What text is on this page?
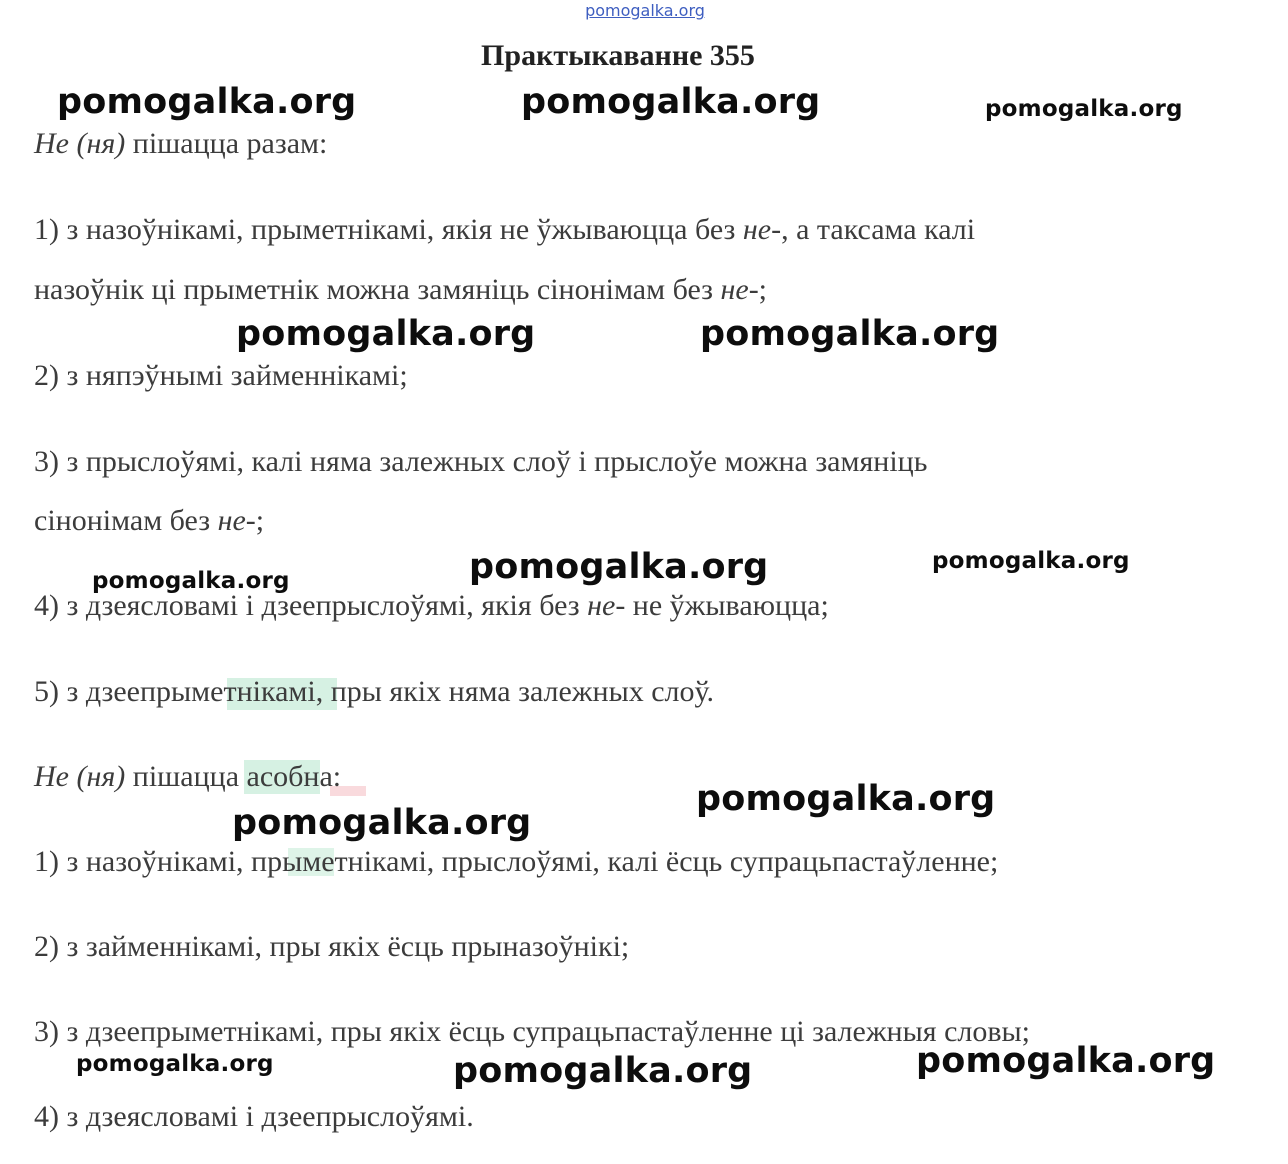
pomogalka.org
Практыкаванне 355
Не (ня) пішацца разам:
1) з назоўнікамі, прыметнікамі, якія не ўжываюцца без не-, а таксама калі
назоўнік ці прыметнік можна замяніць сінонімам без не-;
2) з няпэўнымі займеннікамі;
3) з прыслоўямі, калі няма залежных слоў і прыслоўе можна замяніць
сінонімам без не-;
4) з дзеясловамі і дзеепрыслоўямі, якія без не- не ўжываюцца;
5) з дзеепрыметнікамі, пры якіх няма залежных слоў.
Не (ня) пішацца асобна:
1) з назоўнікамі, прыметнікамі, прыслоўямі, калі ёсць супрацьпастаўленне;
2) з займеннікамі, пры якіх ёсць прыназоўнікі;
3) з дзеепрыметнікамі, пры якіх ёсць супрацьпастаўленне ці залежныя словы;
4) з дзеясловамі і дзеепрыслоўямі.
pomogalka.org	pomogalka.org	pomogalka.org
pomogalka.org	pomogalka.org
pomogalka.org	pomogalka.org
pomogalka.org
pomogalka.org
pomogalka.org
pomogalka.org
pomogalka.org	pomogalka.org
